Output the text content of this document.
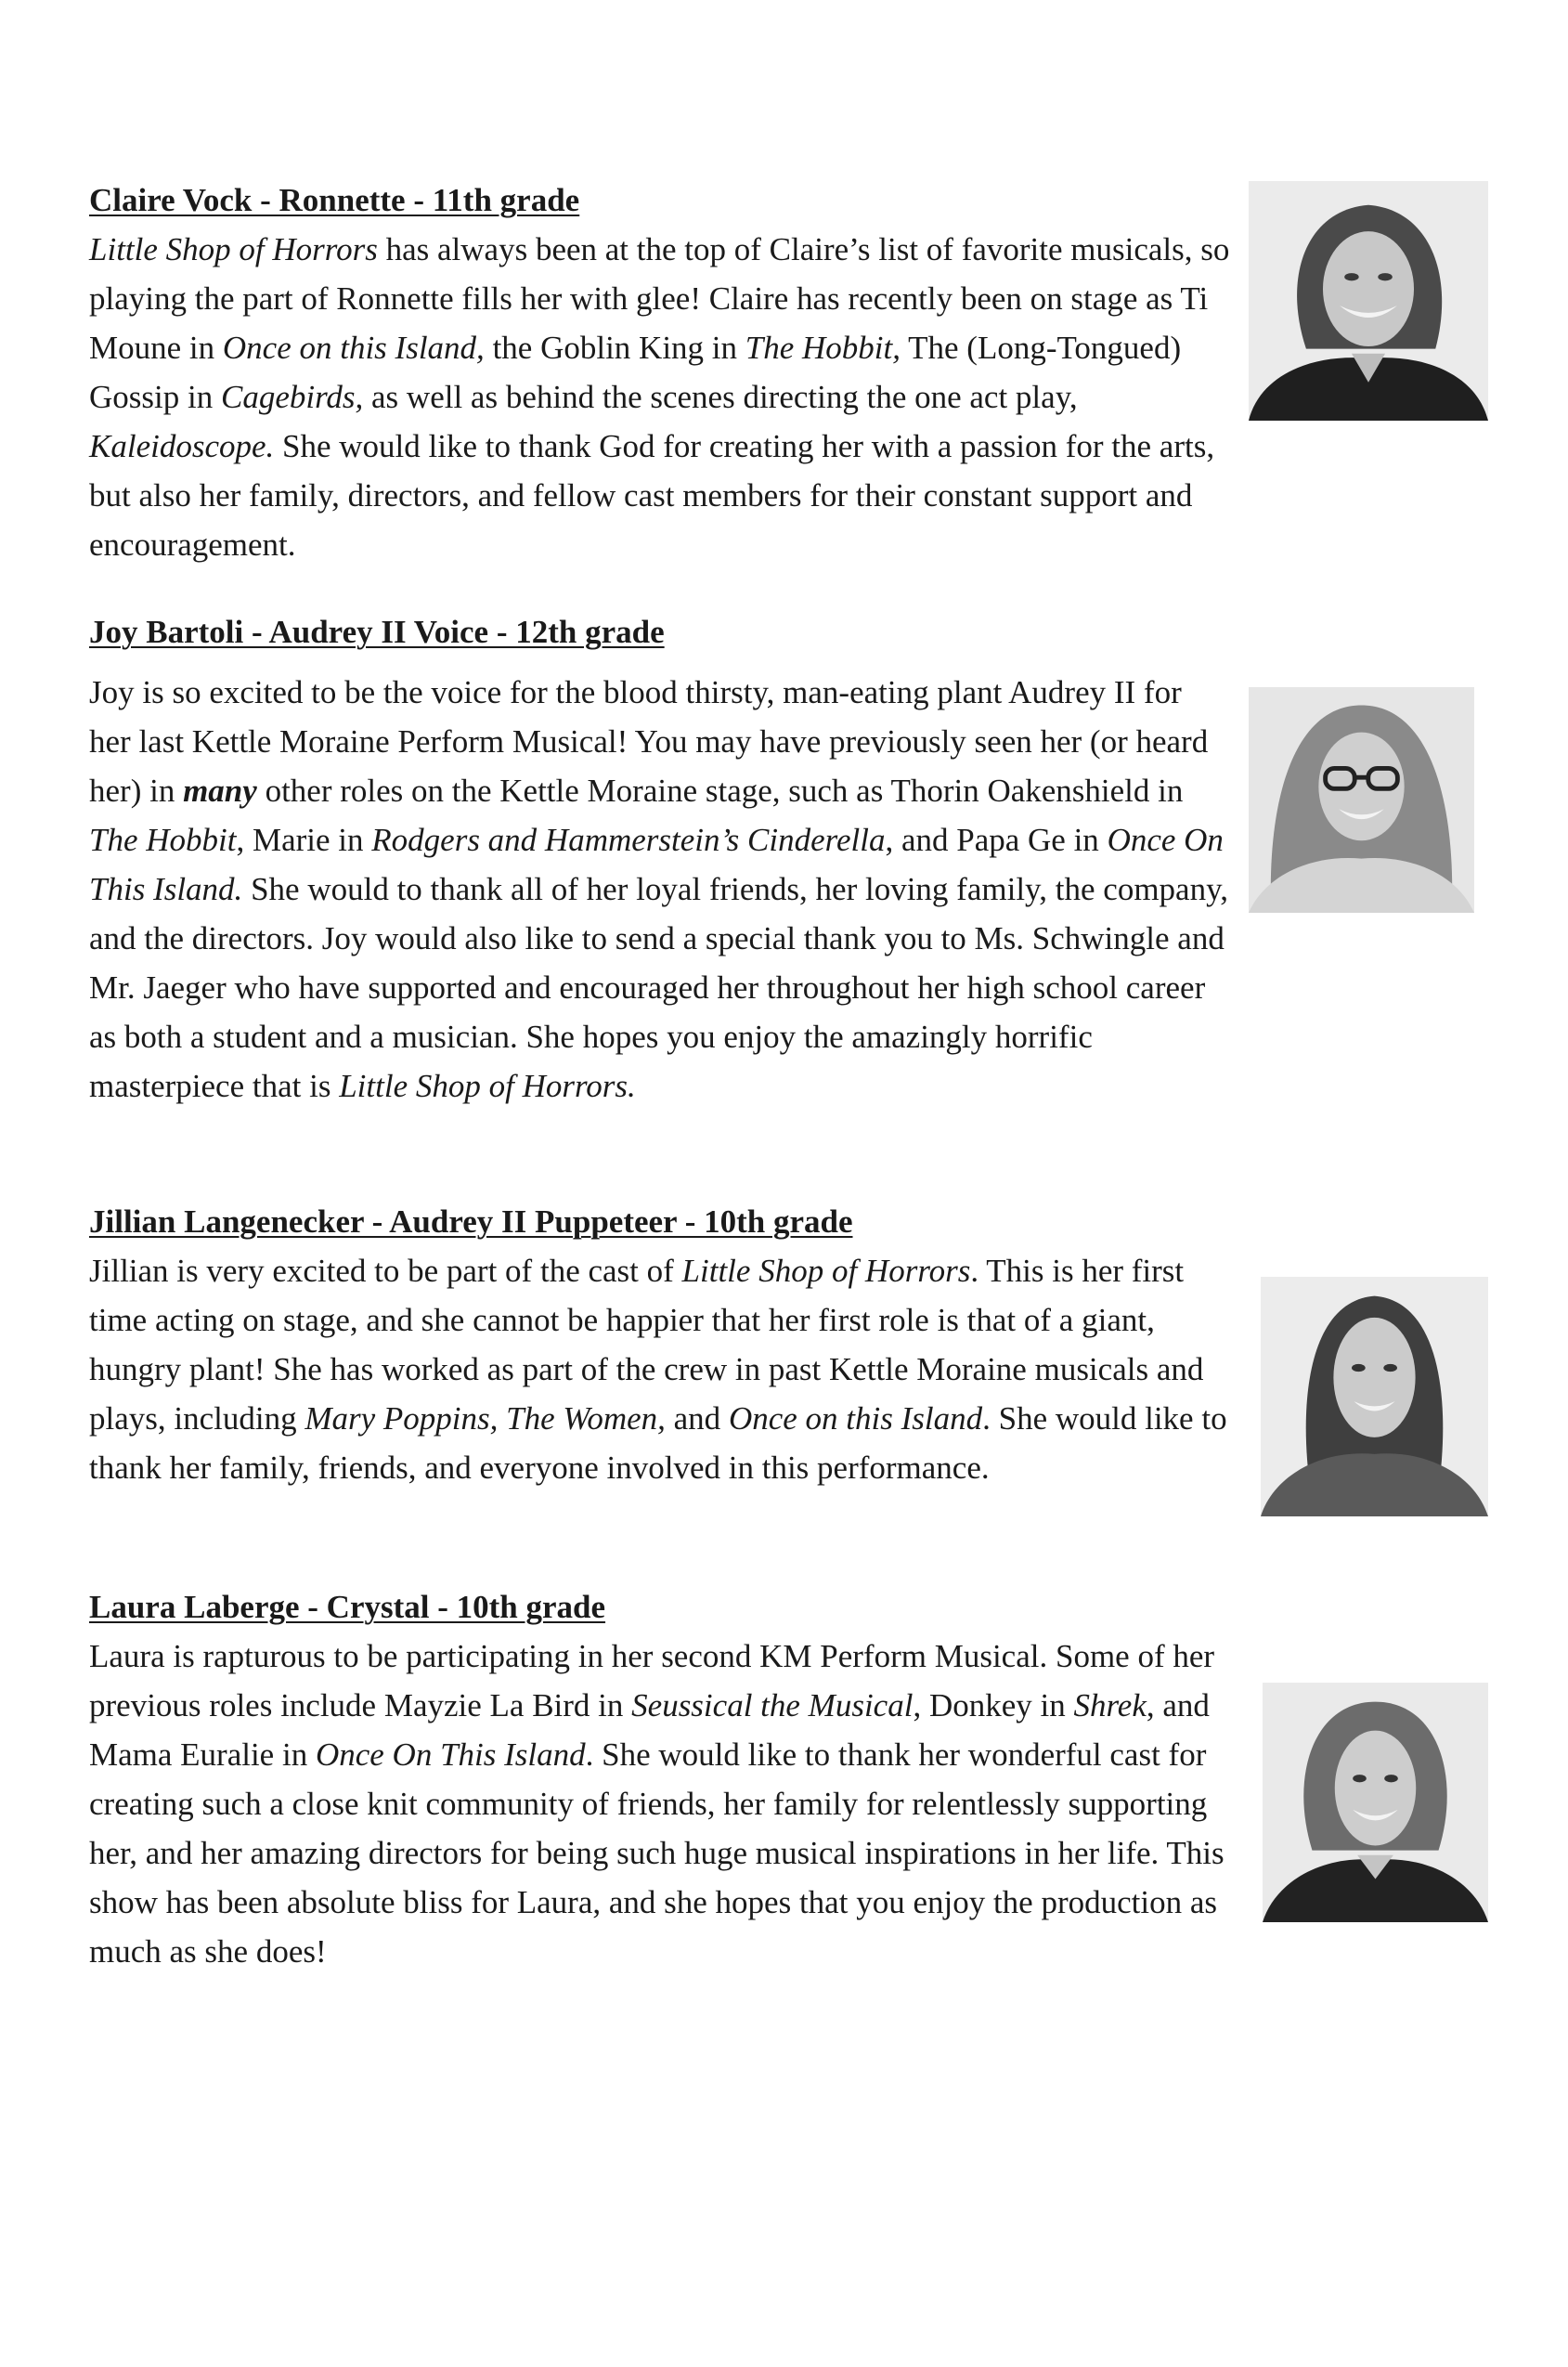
Claire Vock - Ronnette - 11th grade

Little Shop of Horrors has always been at the top of Claire’s list of favorite musicals, so playing the part of Ronnette fills her with glee! Claire has recently been on stage as Ti Moune in Once on this Island, the Goblin King in The Hobbit, The (Long-Tongued) Gossip in Cagebirds, as well as behind the scenes directing the one act play, Kaleidoscope. She would like to thank God for creating her with a passion for the arts, but also her family, directors, and fellow cast members for their constant support and encouragement.

Joy Bartoli - Audrey II Voice - 12th grade

Joy is so excited to be the voice for the blood thirsty, man-eating plant Audrey II for her last Kettle Moraine Perform Musical! You may have previously seen her (or heard her) in many other roles on the Kettle Moraine stage, such as Thorin Oakenshield in The Hobbit, Marie in Rodgers and Hammerstein’s Cinderella, and Papa Ge in Once On This Island. She would to thank all of her loyal friends, her loving family, the company, and the directors. Joy would also like to send a special thank you to Ms. Schwingle and Mr. Jaeger who have supported and encouraged her throughout her high school career as both a student and a musician. She hopes you enjoy the amazingly horrific masterpiece that is Little Shop of Horrors.

Jillian Langenecker - Audrey II Puppeteer - 10th grade

Jillian is very excited to be part of the cast of Little Shop of Horrors. This is her first time acting on stage, and she cannot be happier that her first role is that of a giant, hungry plant! She has worked as part of the crew in past Kettle Moraine musicals and plays, including Mary Poppins, The Women, and Once on this Island. She would like to thank her family, friends, and everyone involved in this performance.

Laura Laberge - Crystal - 10th grade

Laura is rapturous to be participating in her second KM Perform Musical. Some of her previous roles include Mayzie La Bird in Seussical the Musical, Donkey in Shrek, and Mama Euralie in Once On This Island. She would like to thank her wonderful cast for creating such a close knit community of friends, her family for relentlessly supporting her, and her amazing directors for being such huge musical inspirations in her life. This show has been absolute bliss for Laura, and she hopes that you enjoy the production as much as she does!
